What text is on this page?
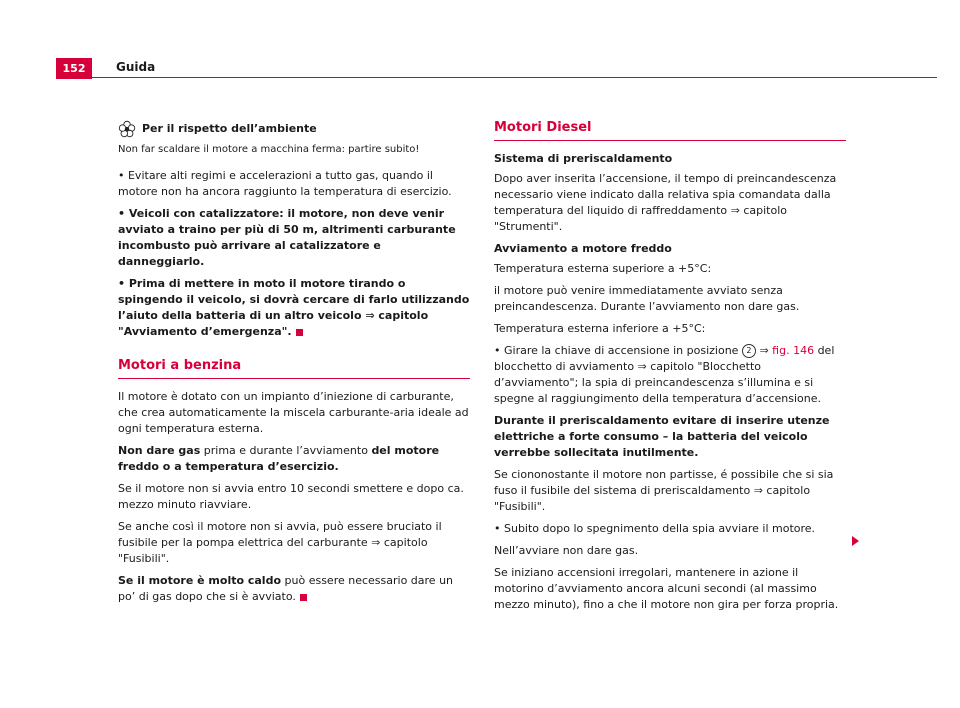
152	Guida
Per il rispetto dell’ambiente

Non far scaldare il motore a macchina ferma: partire subito!

• Evitare alti regimi e accelerazioni a tutto gas, quando il motore non ha ancora raggiunto la temperatura di esercizio.

• Veicoli con catalizzatore: il motore, non deve venir avviato a traino per più di 50 m, altrimenti carburante incombusto può arrivare al catalizzatore e danneggiarlo.

• Prima di mettere in moto il motore tirando o spingendo il veicolo, si dovrà cercare di farlo utilizzando l’aiuto della batteria di un altro veicolo ⇒ capitolo "Avviamento d’emergenza".

Motori a benzina

Il motore è dotato con un impianto d’iniezione di carburante, che crea automaticamente la miscela carburante-aria ideale ad ogni temperatura esterna.

Non dare gas prima e durante l’avviamento del motore freddo o a temperatura d’esercizio.

Se il motore non si avvia entro 10 secondi smettere e dopo ca. mezzo minuto riavviare.

Se anche così il motore non si avvia, può essere bruciato il fusibile per la pompa elettrica del carburante ⇒ capitolo "Fusibili".

Se il motore è molto caldo può essere necessario dare un po’ di gas dopo che si è avviato.

Motori Diesel

Sistema di preriscaldamento

Dopo aver inserita l’accensione, il tempo di preincandescenza necessario viene indicato dalla relativa spia comandata dalla temperatura del liquido di raffreddamento ⇒ capitolo "Strumenti".

Avviamento a motore freddo

Temperatura esterna superiore a +5°C:

il motore può venire immediatamente avviato senza preincandescenza. Durante l’avviamento non dare gas.

Temperatura esterna inferiore a +5°C:

• Girare la chiave di accensione in posizione 2 ⇒ fig. 146 del blocchetto di avviamento ⇒ capitolo "Blocchetto d’avviamento"; la spia di preincandescenza s’illumina e si spegne al raggiungimento della temperatura d’accensione.

Durante il preriscaldamento evitare di inserire utenze elettriche a forte consumo – la batteria del veicolo verrebbe sollecitata inutilmente.

Se ciononostante il motore non partisse, é possibile che si sia fuso il fusibile del sistema di preriscaldamento ⇒ capitolo "Fusibili".

• Subito dopo lo spegnimento della spia avviare il motore.

Nell’avviare non dare gas.

Se iniziano accensioni irregolari, mantenere in azione il motorino d’avviamento ancora alcuni secondi (al massimo mezzo minuto), fino a che il motore non gira per forza propria.
